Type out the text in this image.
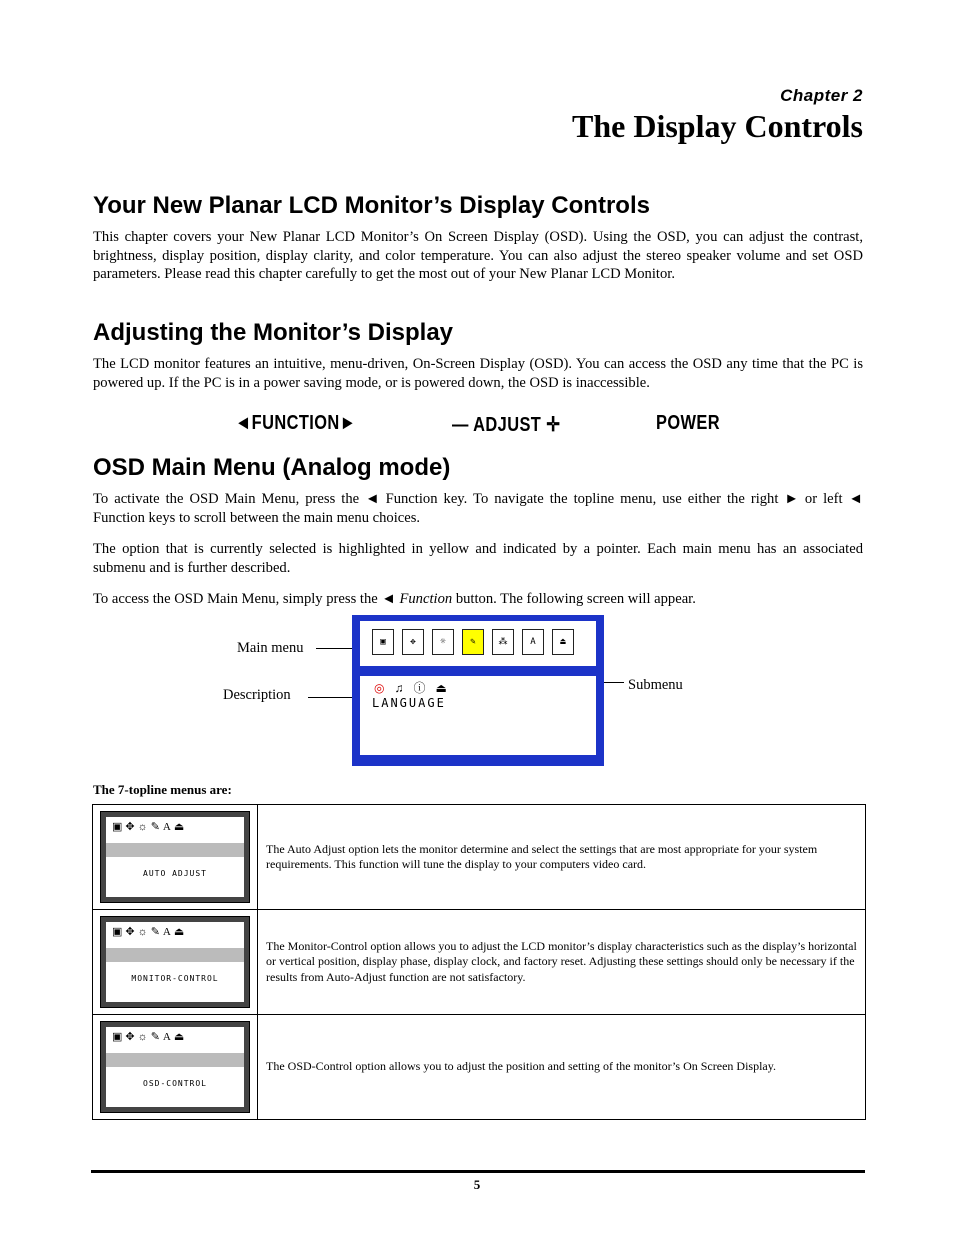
Chapter 2
The Display Controls
Your New Planar LCD Monitor’s Display Controls

This chapter covers your New Planar LCD Monitor’s On Screen Display (OSD). Using the OSD, you can adjust the contrast, brightness, display position, display clarity, and color temperature. You can also adjust the stereo speaker volume and set OSD parameters. Please read this chapter carefully to get the most out of your New Planar LCD Monitor.

Adjusting the Monitor’s Display

The LCD monitor features an intuitive, menu-driven, On-Screen Display (OSD). You can access the OSD any time that the PC is powered up. If the PC is in a power saving mode, or is powered down, the OSD is inaccessible.

◄FUNCTION►	— ADJUST ✛	POWER
OSD Main Menu (Analog mode)

To activate the OSD Main Menu, press the ◄ Function key. To navigate the topline menu, use either the right ► or left ◄ Function keys to scroll between the main menu choices.

The option that is currently selected is highlighted in yellow and indicated by a pointer. Each main menu has an associated submenu and is further described.

To access the OSD Main Menu, simply press the ◄ Function button. The following screen will appear.

Main menu
Description
Submenu
▣	✥	☼	✎	⁂	A	⏏
◎♫ⓘ⏏
LANGUAGE
The 7-topline menus are:
▣✥☼✎A⏏
AUTO ADJUST	The Auto Adjust option lets the monitor determine and select the settings that are most appropriate for your system requirements. This function will tune the display to your computers video card.

▣✥☼✎A⏏
MONITOR-CONTROL	The Monitor-Control option allows you to adjust the LCD monitor’s display characteristics such as the display’s horizontal or vertical position, display phase, display clock, and factory reset. Adjusting these settings should only be necessary if the results from Auto-Adjust function are not satisfactory.

▣✥☼✎A⏏
OSD-CONTROL	The OSD-Control option allows you to adjust the position and setting of the monitor’s On Screen Display.
5
